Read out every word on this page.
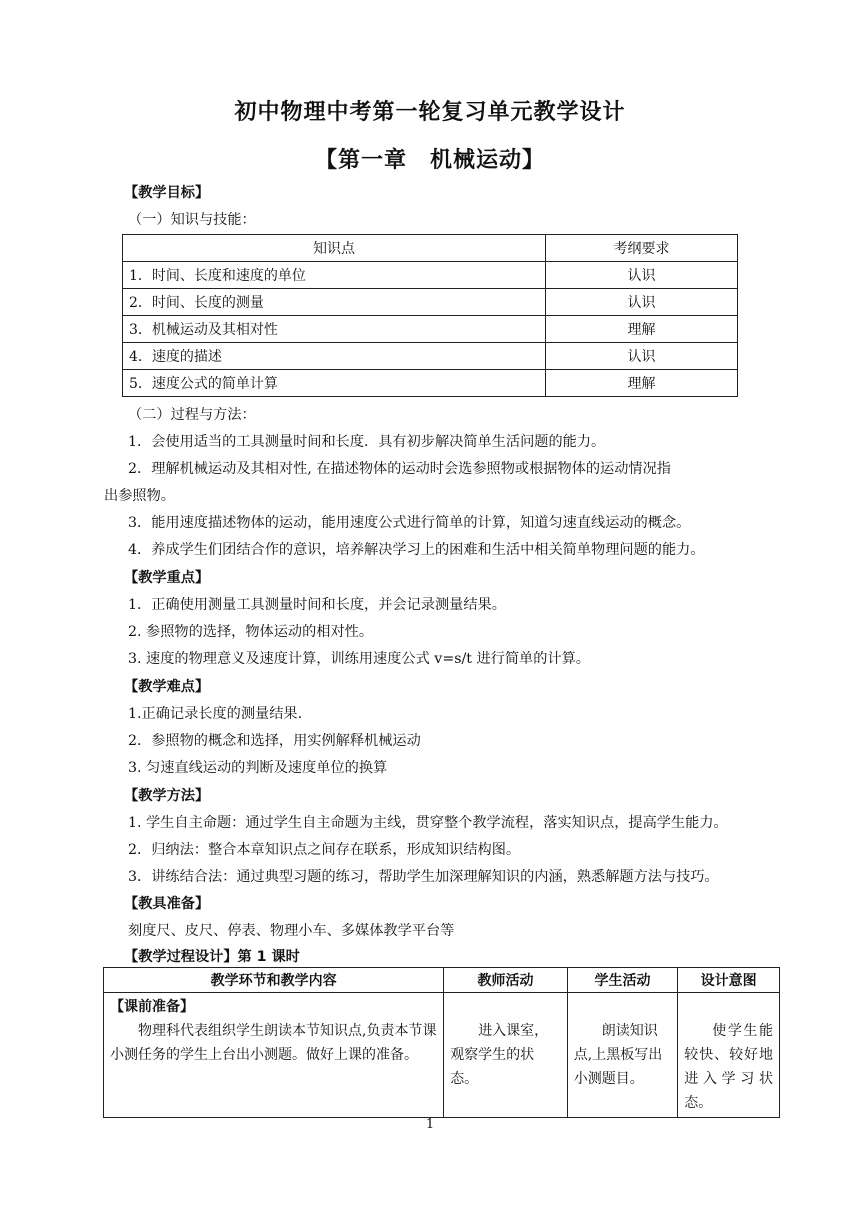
初中物理中考第一轮复习单元教学设计
【第一章　机械运动】
【教学目标】
（一）知识与技能：
知识点	考纲要求
1．时间、长度和速度的单位	认识
2．时间、长度的测量	认识
3．机械运动及其相对性	理解
4．速度的描述	认识
5．速度公式的简单计算	理解
（二）过程与方法：
1．会使用适当的工具测量时间和长度．具有初步解决简单生活问题的能力。
2．理解机械运动及其相对性, 在描述物体的运动时会选参照物或根据物体的运动情况指
出参照物。
3．能用速度描述物体的运动，能用速度公式进行简单的计算，知道匀速直线运动的概念。
4．养成学生们团结合作的意识，培养解决学习上的困难和生活中相关简单物理问题的能力。
【教学重点】
1．正确使用测量工具测量时间和长度，并会记录测量结果。
2. 参照物的选择，物体运动的相对性。
3. 速度的物理意义及速度计算，训练用速度公式 v=s/t 进行简单的计算。
【教学难点】
1.正确记录长度的测量结果.
2．参照物的概念和选择，用实例解释机械运动
3. 匀速直线运动的判断及速度单位的换算
【教学方法】
1. 学生自主命题：通过学生自主命题为主线，贯穿整个教学流程，落实知识点，提高学生能力。
2．归纳法：整合本章知识点之间存在联系，形成知识结构图。
3．讲练结合法：通过典型习题的练习，帮助学生加深理解知识的内涵，熟悉解题方法与技巧。
【教具准备】
刻度尺、皮尺、停表、物理小车、多媒体教学平台等
【教学过程设计】第 1 课时
教学环节和教学内容	教师活动	学生活动	设计意图

【课前准备】
物理科代表组织学生朗读本节知识点,负责本节课小测任务的学生上台出小测题。做好上课的准备。	进入课室，观察学生的状态。	朗读知识点,上黑板写出小测题目。	使学生能较快、较好地进入学习状态。
1
